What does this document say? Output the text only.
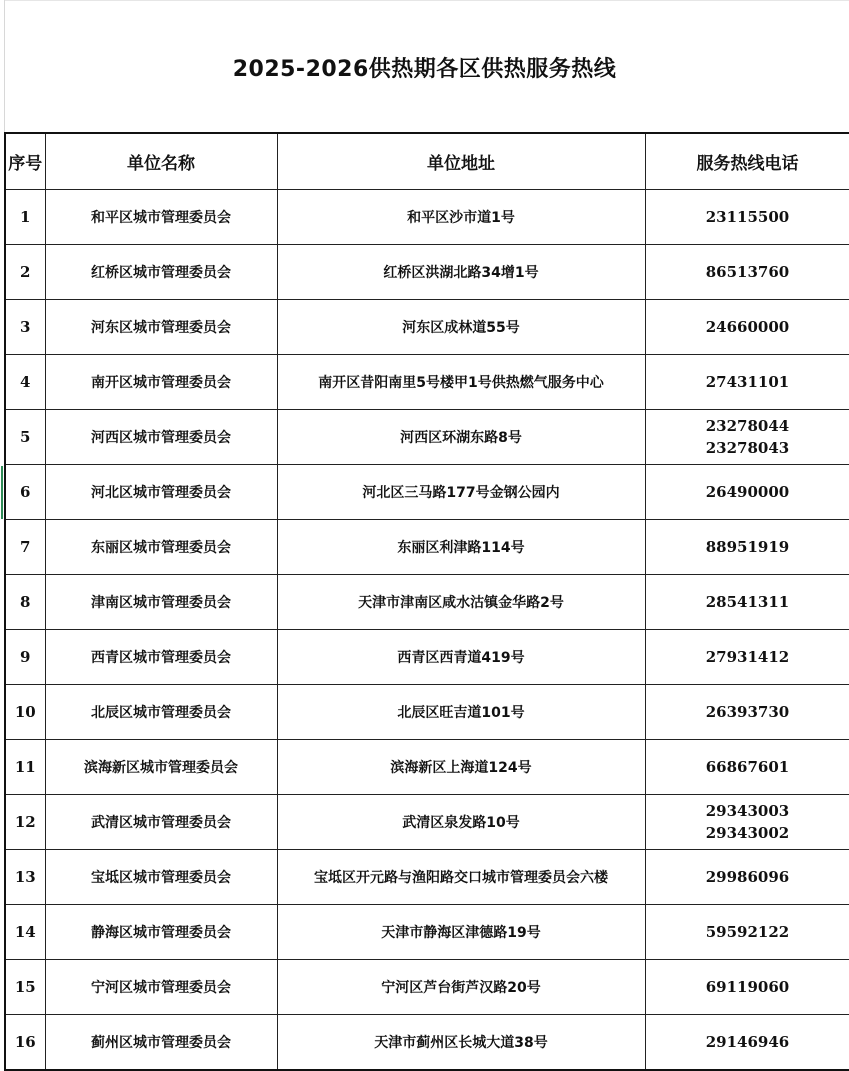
2025-2026供热期各区供热服务热线
序号	单位名称	单位地址	服务热线电话
1	和平区城市管理委员会	和平区沙市道1号	23115500

2	红桥区城市管理委员会	红桥区洪湖北路34增1号	86513760

3	河东区城市管理委员会	河东区成林道55号	24660000

4	南开区城市管理委员会	南开区昔阳南里5号楼甲1号供热燃气服务中心	27431101

5	河西区城市管理委员会	河西区环湖东路8号	23278044
23278043

6	河北区城市管理委员会	河北区三马路177号金钢公园内	26490000

7	东丽区城市管理委员会	东丽区利津路114号	88951919

8	津南区城市管理委员会	天津市津南区咸水沽镇金华路2号	28541311

9	西青区城市管理委员会	西青区西青道419号	27931412

10	北辰区城市管理委员会	北辰区旺吉道101号	26393730

11	滨海新区城市管理委员会	滨海新区上海道124号	66867601

12	武清区城市管理委员会	武清区泉发路10号	29343003
29343002

13	宝坻区城市管理委员会	宝坻区开元路与渔阳路交口城市管理委员会六楼	29986096

14	静海区城市管理委员会	天津市静海区津德路19号	59592122

15	宁河区城市管理委员会	宁河区芦台街芦汉路20号	69119060

16	蓟州区城市管理委员会	天津市蓟州区长城大道38号	29146946
